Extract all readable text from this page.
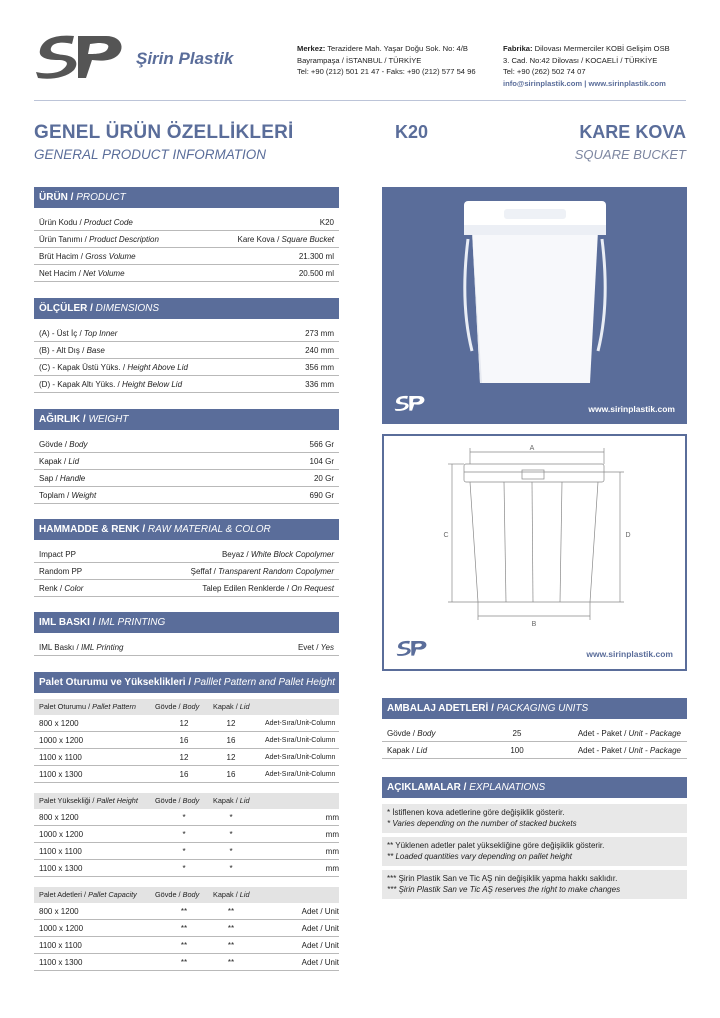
Şirin Plastik
Merkez: Terazidere Mah. Yaşar Doğu Sok. No: 4/B
Bayrampaşa / İSTANBUL / TÜRKİYE
Tel: +90 (212) 501 21 47 - Faks: +90 (212) 577 54 96
Fabrika: Dilovası Mermerciler KOBİ Gelişim OSB
3. Cad. No:42 Dilovası / KOCAELİ / TÜRKİYE
Tel: +90 (262) 502 74 07
info@sirinplastik.com | www.sirinplastik.com
GENEL ÜRÜN ÖZELLİKLERİ
GENERAL PRODUCT INFORMATION
K20	KARE KOVA
SQUARE BUCKET
ÜRÜN / PRODUCT
Ürün Kodu / Product Code	K20
Ürün Tanımı / Product Description	Kare Kova / Square Bucket
Brüt Hacim / Gross Volume	21.300 ml
Net Hacim / Net Volume	20.500 ml
ÖLÇÜLER / DIMENSIONS
(A) - Üst İç / Top Inner	273 mm
(B) - Alt Dış / Base	240 mm
(C) - Kapak Üstü Yüks. / Height Above Lid	356 mm
(D) - Kapak Altı Yüks. / Height Below Lid	336 mm
AĞIRLIK / WEIGHT
Gövde / Body	566 Gr
Kapak / Lid	104 Gr
Sap / Handle	20 Gr
Toplam / Weight	690 Gr
HAMMADDE & RENK / RAW MATERIAL & COLOR
Impact PP	Beyaz / White Block Copolymer
Random PP	Şeffaf / Transparent Random Copolymer
Renk / Color	Talep Edilen Renklerde / On Request
IML BASKI / IML PRINTING
IML Baskı / IML Printing	Evet / Yes
Palet Oturumu ve Yükseklikleri / Palllet Pattern and Pallet Height
Palet Oturumu / Pallet Pattern	Gövde / Body	Kapak / Lid
800 x 1200	12	12	Adet-Sıra/Unit-Column
1000 x 1200	16	16	Adet-Sıra/Unit-Column
1100 x 1100	12	12	Adet-Sıra/Unit-Column
1100 x 1300	16	16	Adet-Sıra/Unit-Column
Palet Yüksekliği / Pallet Height	Gövde / Body	Kapak / Lid
800 x 1200	*	*	mm
1000 x 1200	*	*	mm
1100 x 1100	*	*	mm
1100 x 1300	*	*	mm
Palet Adetleri / Pallet Capacity	Gövde / Body	Kapak / Lid
800 x 1200	**	**	Adet / Unit
1000 x 1200	**	**	Adet / Unit
1100 x 1100	**	**	Adet / Unit
1100 x 1300	**	**	Adet / Unit
www.sirinplastik.com
A
B
C	D
www.sirinplastik.com
AMBALAJ ADETLERİ / PACKAGING UNITS
Gövde / Body	25	Adet - Paket / Unit - Package
Kapak / Lid	100	Adet - Paket / Unit - Package
AÇIKLAMALAR / EXPLANATIONS
* İstiflenen kova adetlerine göre değişiklik gösterir.
* Varies depending on the number of stacked buckets
** Yüklenen adetler palet yüksekliğine göre değişiklik gösterir.
** Loaded quantities vary depending on pallet height
*** Şirin Plastik San ve Tic AŞ nin değişiklik yapma hakkı saklıdır.
*** Şirin Plastik San ve Tic AŞ reserves the right to make changes
